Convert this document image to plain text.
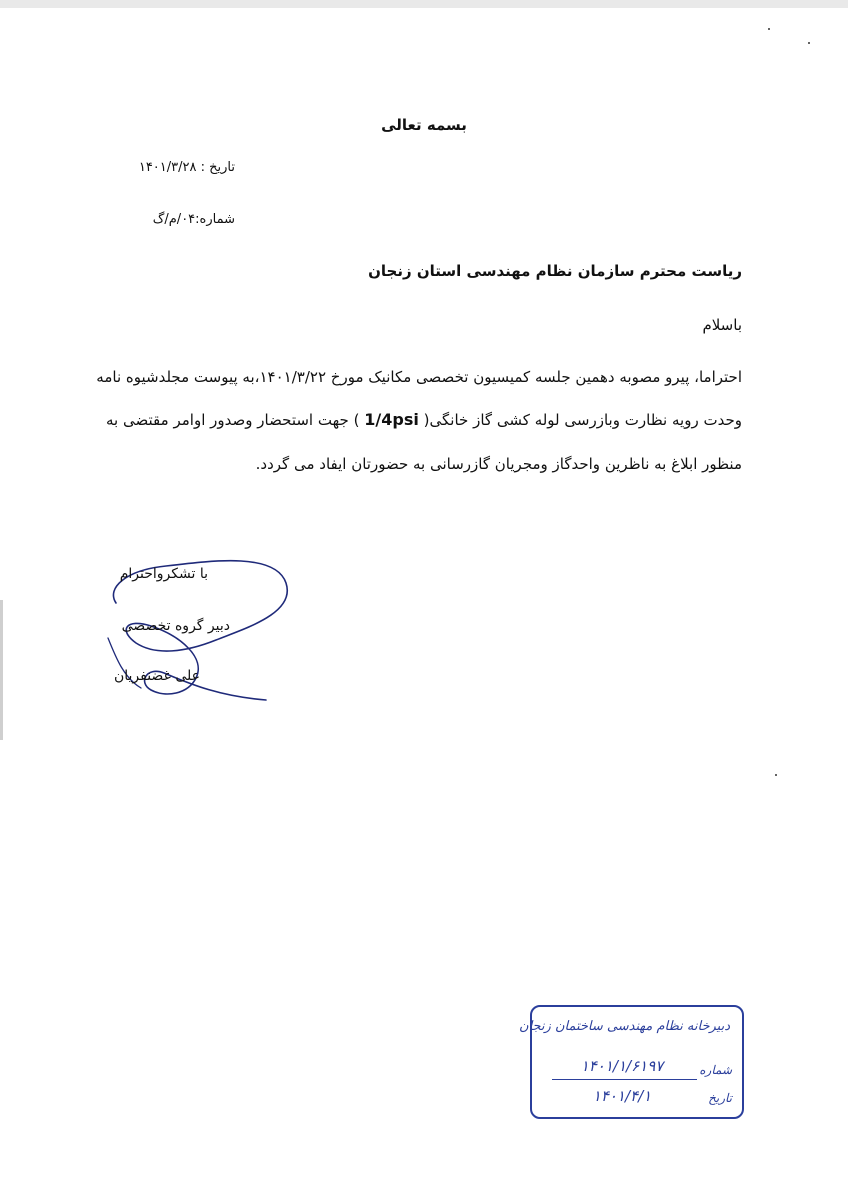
بسمه تعالی
تاریخ : ۱۴۰۱/۳/۲۸
شماره:۰۴/م/گ
ریاست محترم سازمان نظام مهندسی استان زنجان
باسلام
احتراما، پیرو مصوبه دهمین جلسه کمیسیون تخصصی مکانیک مورخ ۱۴۰۱/۳/۲۲،به پیوست مجلدشیوه نامه
وحدت رویه نظارت وبازرسی لوله کشی گاز خانگی( 1/4psi ) جهت استحضار وصدور اوامر مقتضی به
منظور ابلاغ به ناظرین واحدگاز ومجریان گازرسانی به حضورتان ایفاد می گردد.
با تشکرواحترام
دبیر گروه تخصصی
علی غضنفریان
دبیرخانه نظام مهندسی ساختمان زنجان
۱۴۰۱/۱/۶۱۹۷	شماره
۱۴۰۱/۴/۱	تاریخ
